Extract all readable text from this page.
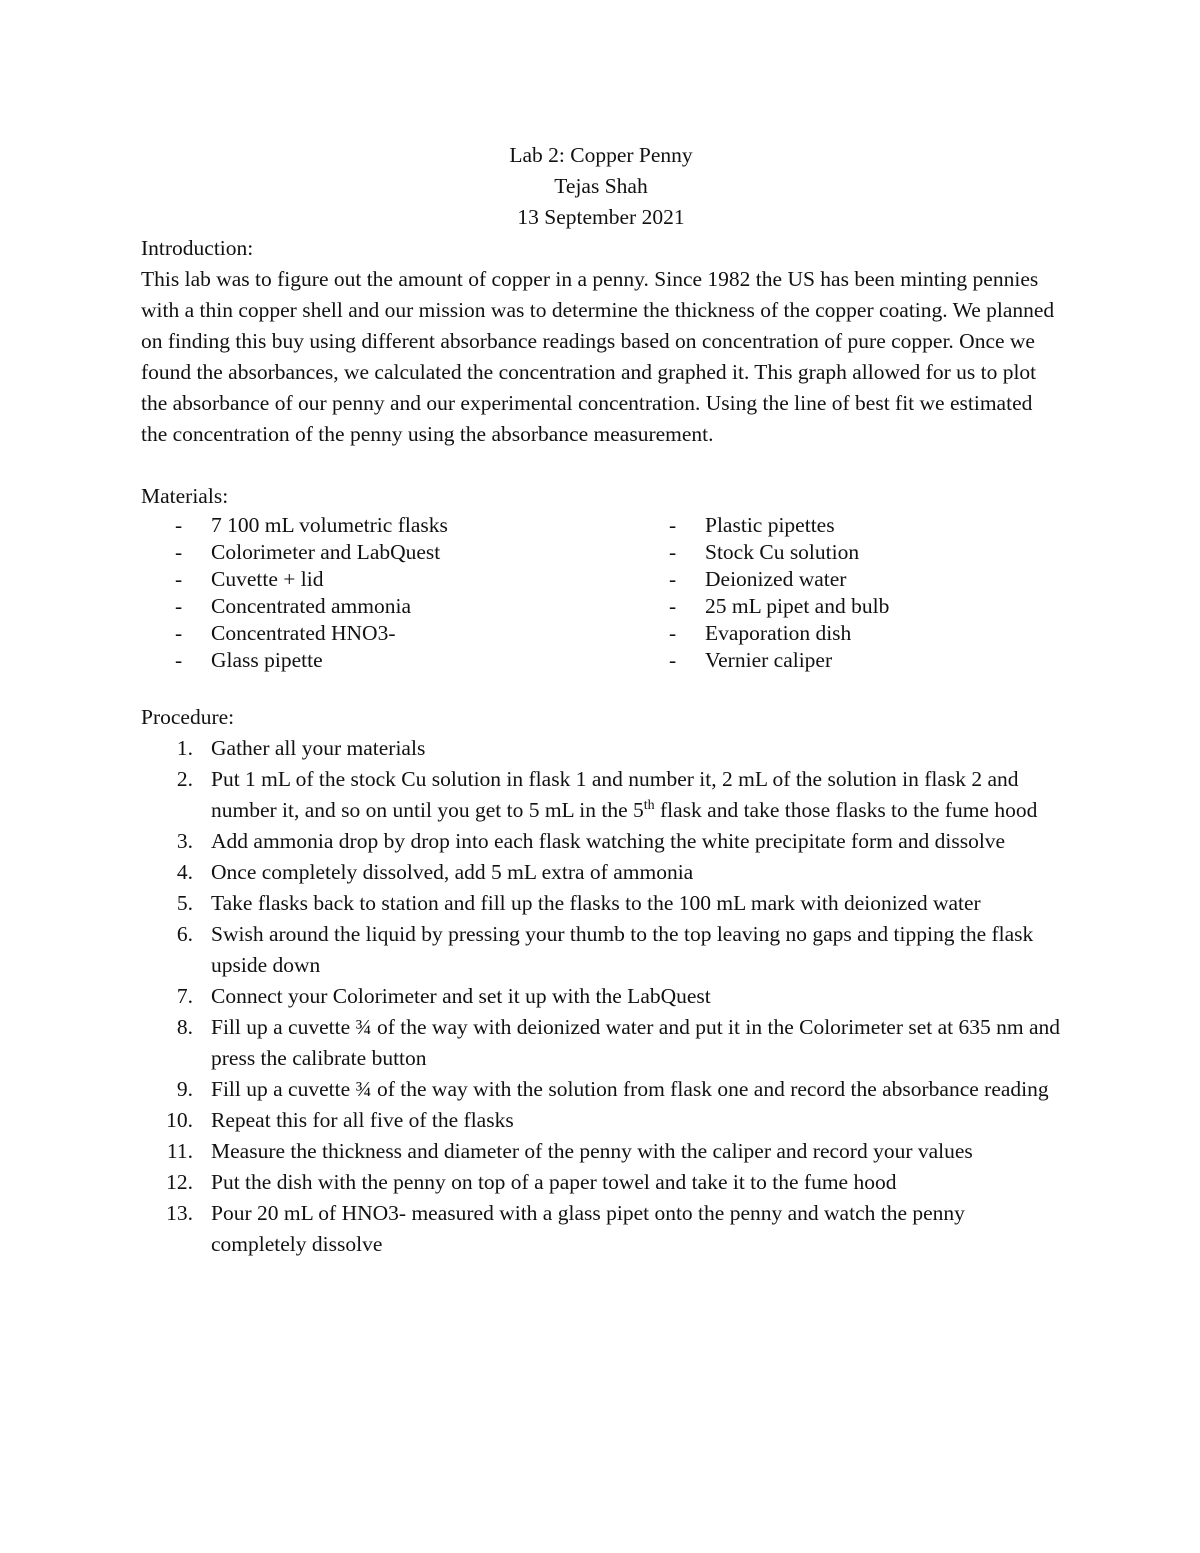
Lab 2: Copper Penny

Tejas Shah

13 September 2021

Introduction:

This lab was to figure out the amount of copper in a penny. Since 1982 the US has been minting pennies with a thin copper shell and our mission was to determine the thickness of the copper coating. We planned on finding this buy using different absorbance readings based on concentration of pure copper. Once we found the absorbances, we calculated the concentration and graphed it. This graph allowed for us to plot the absorbance of our penny and our experimental concentration. Using the line of best fit we estimated the concentration of the penny using the absorbance measurement.

Materials:

- 7 100 mL volumetric flasks
- Colorimeter and LabQuest
- Cuvette + lid
- Concentrated ammonia
- Concentrated HNO3-
- Glass pipette
- Plastic pipettes
- Stock Cu solution
- Deionized water
- 25 mL pipet and bulb
- Evaporation dish
- Vernier caliper

Procedure:

1. Gather all your materials
2. Put 1 mL of the stock Cu solution in flask 1 and number it, 2 mL of the solution in flask 2 and number it, and so on until you get to 5 mL in the 5th flask and take those flasks to the fume hood
3. Add ammonia drop by drop into each flask watching the white precipitate form and dissolve
4. Once completely dissolved, add 5 mL extra of ammonia
5. Take flasks back to station and fill up the flasks to the 100 mL mark with deionized water
6. Swish around the liquid by pressing your thumb to the top leaving no gaps and tipping the flask upside down
7. Connect your Colorimeter and set it up with the LabQuest
8. Fill up a cuvette ¾ of the way with deionized water and put it in the Colorimeter set at 635 nm and press the calibrate button
9. Fill up a cuvette ¾ of the way with the solution from flask one and record the absorbance reading
10. Repeat this for all five of the flasks
11. Measure the thickness and diameter of the penny with the caliper and record your values
12. Put the dish with the penny on top of a paper towel and take it to the fume hood
13. Pour 20 mL of HNO3- measured with a glass pipet onto the penny and watch the penny completely dissolve
